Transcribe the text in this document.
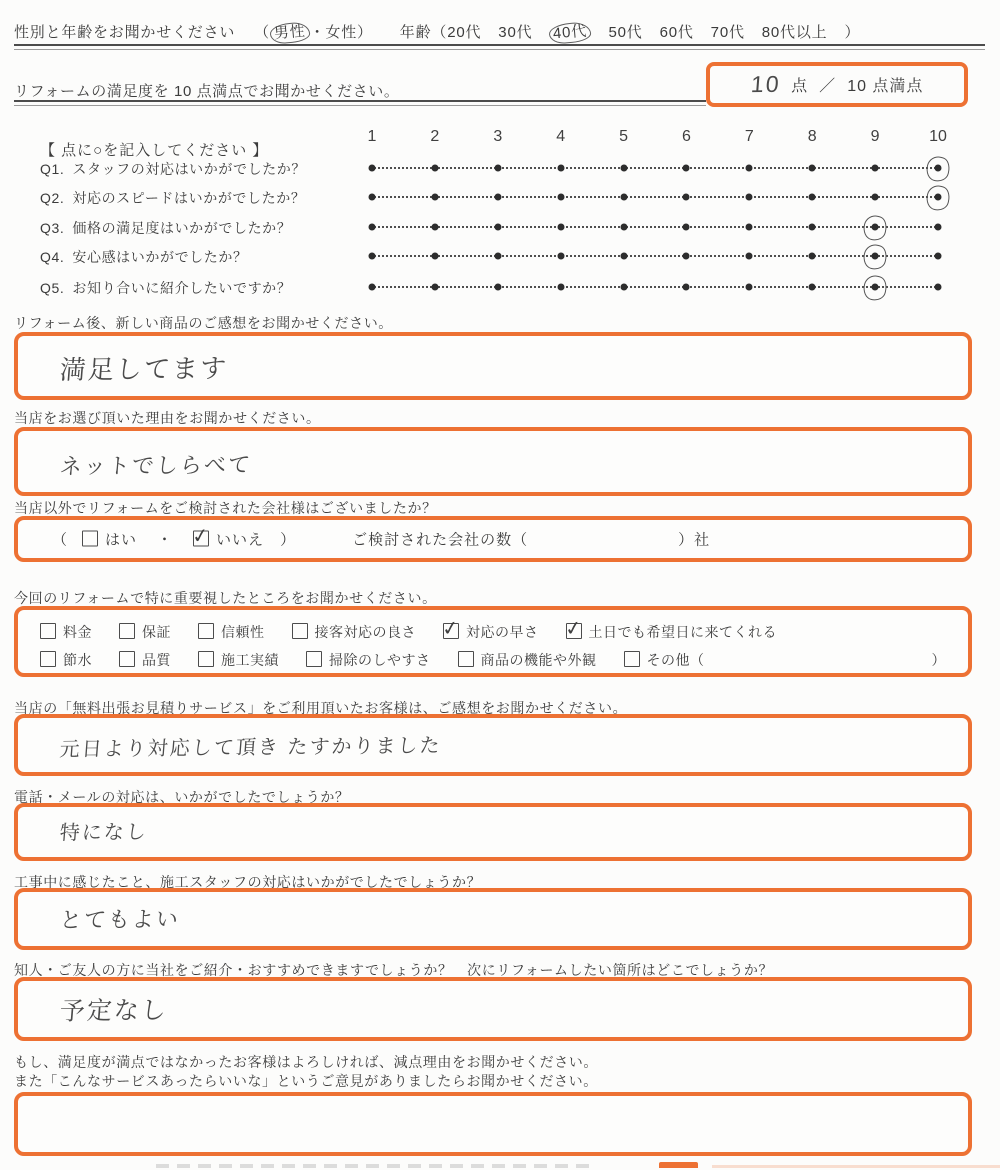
性別と年齢をお聞かせください （ 男性 ・女性） 年齢（20代 30代 40代 50代 60代 70代 80代以上 ）
リフォームの満足度を 10 点満点でお聞かせください。	10 点 ／ 10 点満点
【 点に○を記入してください 】
1	2	3	4	5	6	7	8	9	10
Q1. スタッフの対応はいかがでしたか？
Q2. 対応のスピードはいかがでしたか？
Q3. 価格の満足度はいかがでしたか？
Q4. 安心感はいかがでしたか？
Q5. お知り合いに紹介したいですか？
リフォーム後、新しい商品のご感想をお聞かせください。
満足してます
当店をお選び頂いた理由をお聞かせください。
ネットでしらべて
当店以外でリフォームをご検討された会社様はございましたか？
（	はい ・ ✓	いいえ ）	ご検討された会社の数（	）社
今回のリフォームで特に重要視したところをお聞かせください。
料金	保証	信頼性	接客対応の良さ ✓	対応の早さ ✓	土日でも希望日に来てくれる
節水	品質	施工実績	掃除のしやすさ	商品の機能や外観	その他（	）
当店の「無料出張お見積りサービス」をご利用頂いたお客様は、ご感想をお聞かせください。
元日より対応して頂き たすかりました
電話・メールの対応は、いかがでしたでしょうか？
特になし
工事中に感じたこと、施工スタッフの対応はいかがでしたでしょうか？
とてもよい
知人・ご友人の方に当社をご紹介・おすすめできますでしょうか？　次にリフォームしたい箇所はどこでしょうか？
予定なし
もし、満足度が満点ではなかったお客様はよろしければ、減点理由をお聞かせください。
また「こんなサービスあったらいいな」というご意見がありましたらお聞かせください。
